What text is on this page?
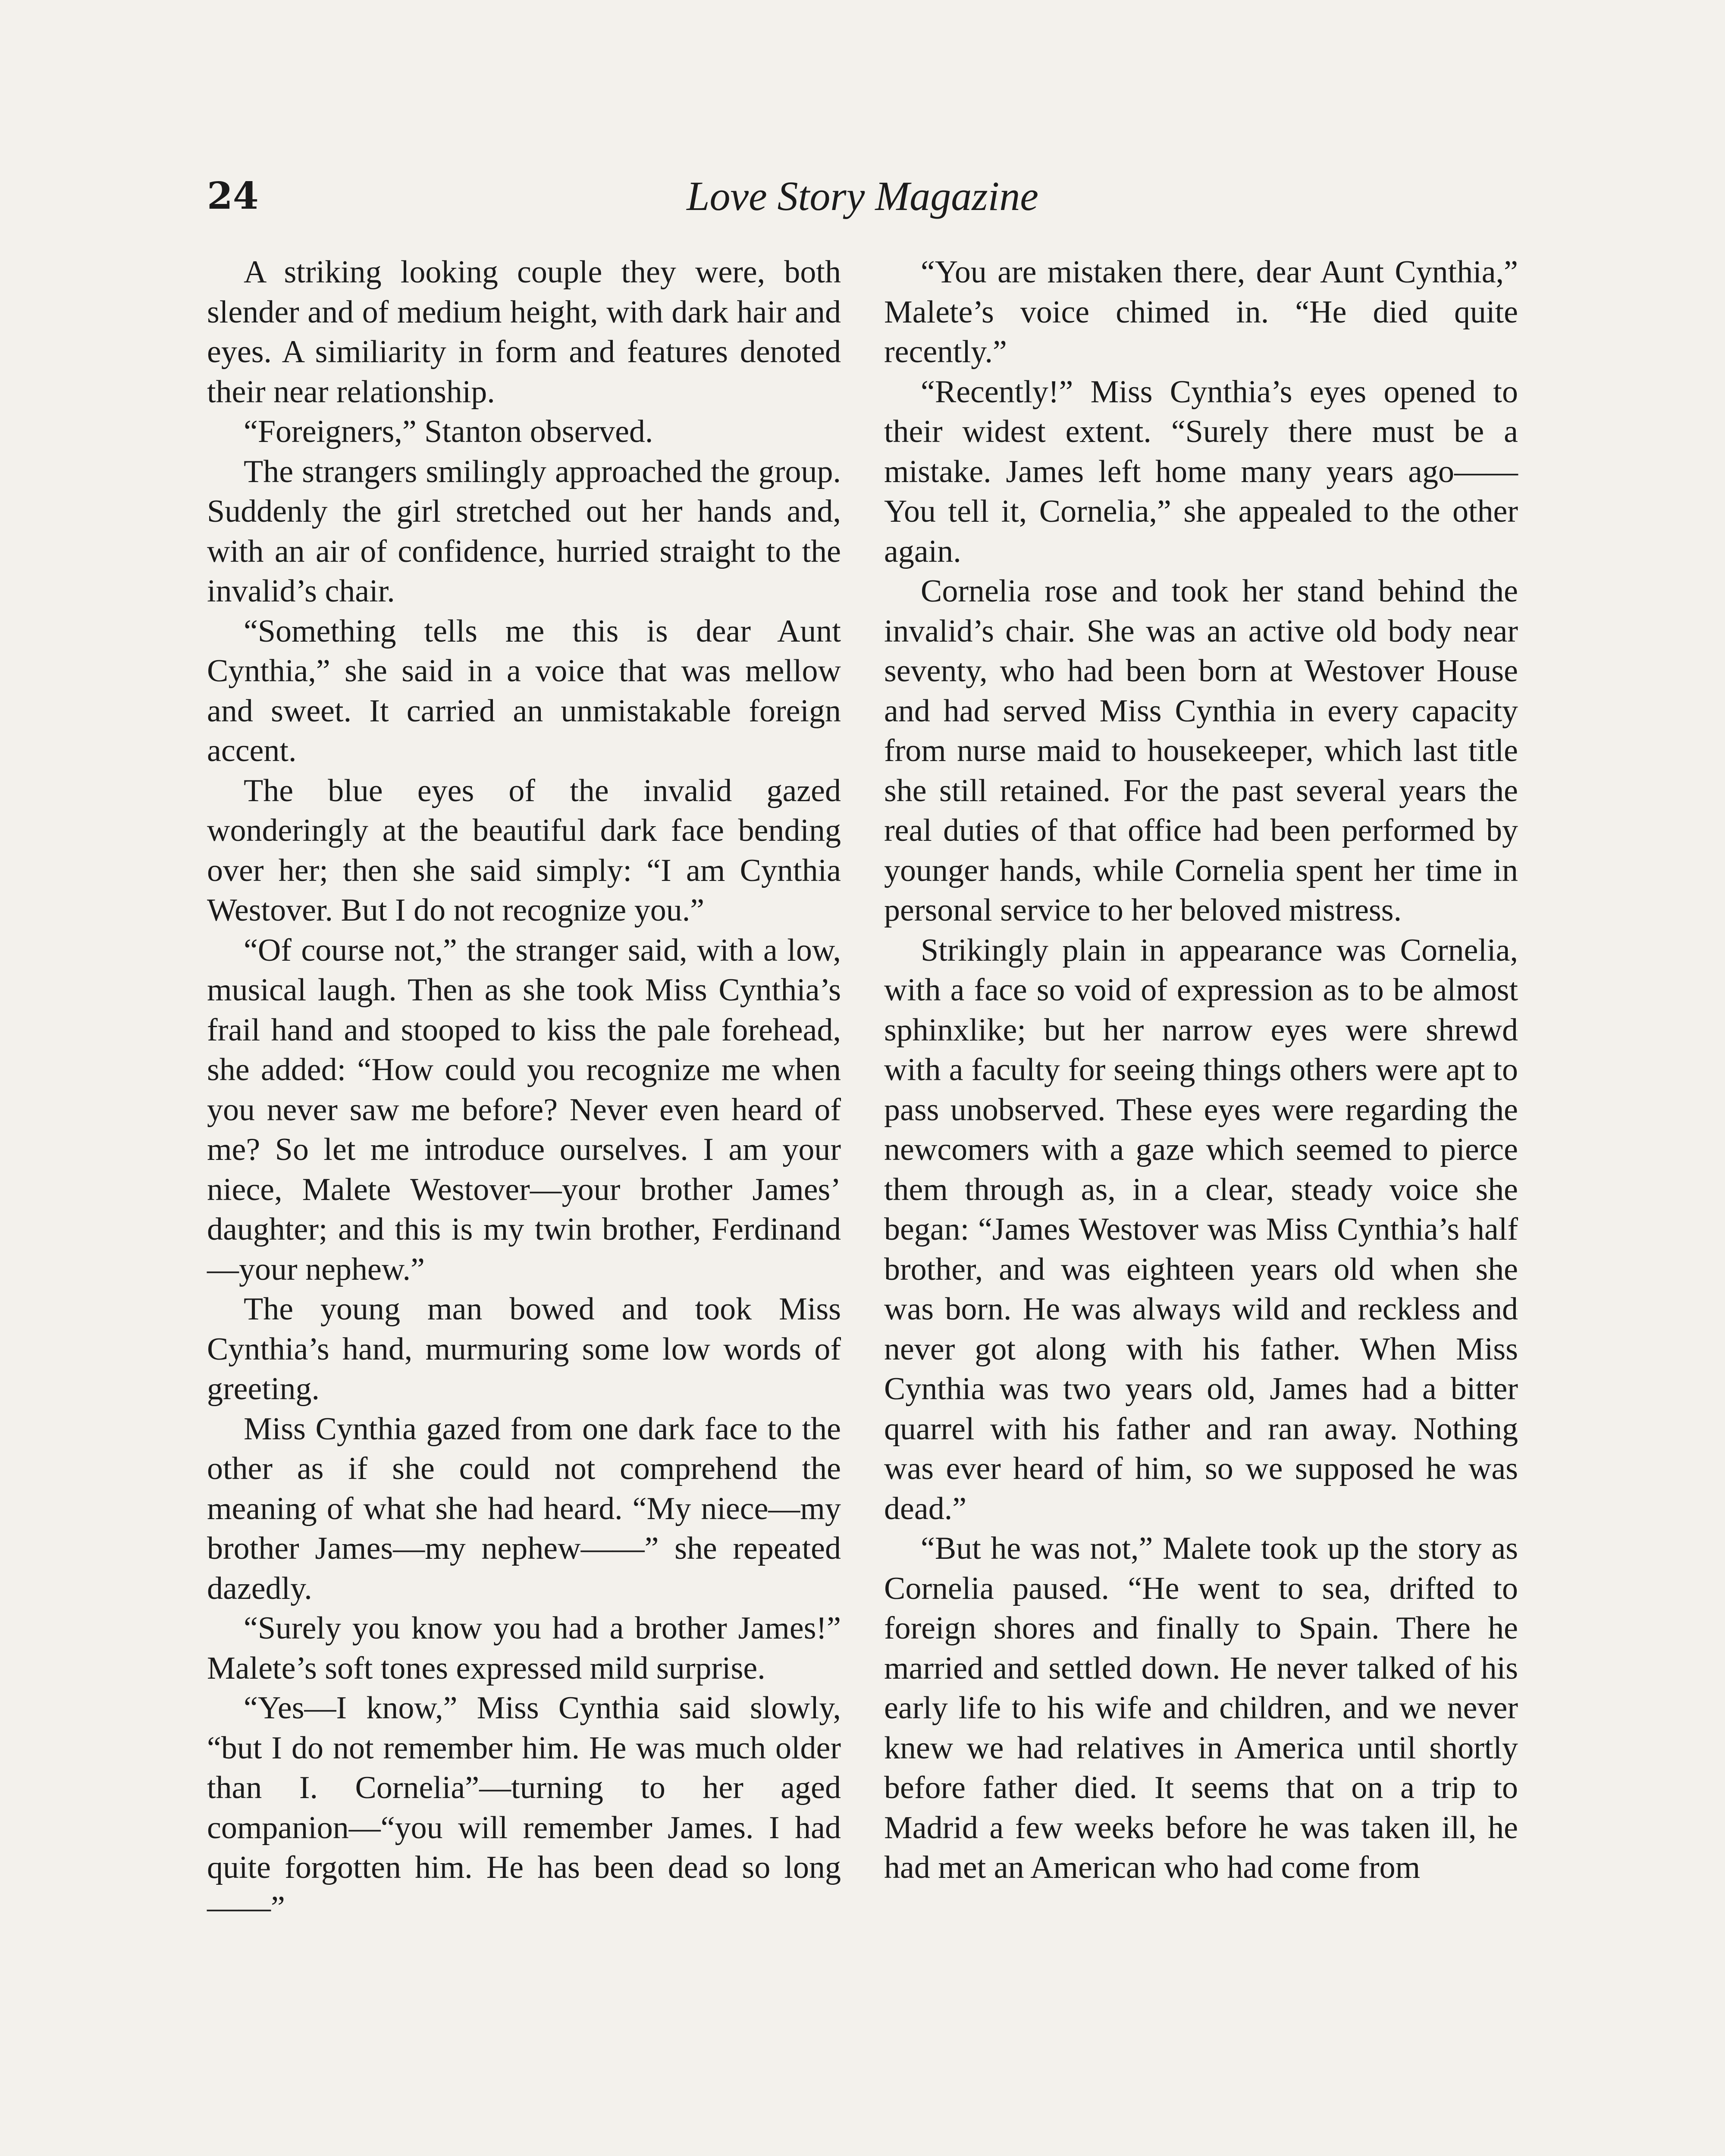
24	Love Story Magazine

A striking looking couple they were, both slender and of medium height, with dark hair and eyes. A similiarity in form and features denoted their near relationship.

“Foreigners,” Stanton observed.

The strangers smilingly approached the group. Suddenly the girl stretched out her hands and, with an air of confidence, hurried straight to the invalid’s chair.

“Something tells me this is dear Aunt Cynthia,” she said in a voice that was mellow and sweet. It carried an unmistakable foreign accent.

The blue eyes of the invalid gazed wonderingly at the beautiful dark face bending over her; then she said simply: “I am Cynthia Westover. But I do not recognize you.”

“Of course not,” the stranger said, with a low, musical laugh. Then as she took Miss Cynthia’s frail hand and stooped to kiss the pale forehead, she added: “How could you recognize me when you never saw me before? Never even heard of me? So let me introduce ourselves. I am your niece, Malete Westover—your brother James’ daughter; and this is my twin brother, Ferdinand—your nephew.”

The young man bowed and took Miss Cynthia’s hand, murmuring some low words of greeting.

Miss Cynthia gazed from one dark face to the other as if she could not comprehend the meaning of what she had heard. “My niece—my brother James—my nephew——” she repeated dazedly.

“Surely you know you had a brother James!” Malete’s soft tones expressed mild surprise.

“Yes—I know,” Miss Cynthia said slowly, “but I do not remember him. He was much older than I. Cornelia”—turning to her aged companion—“you will remember James. I had quite forgotten him. He has been dead so long——”

“You are mistaken there, dear Aunt Cynthia,” Malete’s voice chimed in. “He died quite recently.”

“Recently!” Miss Cynthia’s eyes opened to their widest extent. “Surely there must be a mistake. James left home many years ago—— You tell it, Cornelia,” she appealed to the other again.

Cornelia rose and took her stand behind the invalid’s chair. She was an active old body near seventy, who had been born at Westover House and had served Miss Cynthia in every capacity from nurse maid to housekeeper, which last title she still retained. For the past several years the real duties of that office had been performed by younger hands, while Cornelia spent her time in personal service to her beloved mistress.

Strikingly plain in appearance was Cornelia, with a face so void of expression as to be almost sphinxlike; but her narrow eyes were shrewd with a faculty for seeing things others were apt to pass unobserved. These eyes were regarding the newcomers with a gaze which seemed to pierce them through as, in a clear, steady voice she began: “James Westover was Miss Cynthia’s half brother, and was eighteen years old when she was born. He was always wild and reckless and never got along with his father. When Miss Cynthia was two years old, James had a bitter quarrel with his father and ran away. Nothing was ever heard of him, so we supposed he was dead.”

“But he was not,” Malete took up the story as Cornelia paused. “He went to sea, drifted to foreign shores and finally to Spain. There he married and settled down. He never talked of his early life to his wife and children, and we never knew we had relatives in America until shortly before father died. It seems that on a trip to Madrid a few weeks before he was taken ill, he had met an American who had come from
